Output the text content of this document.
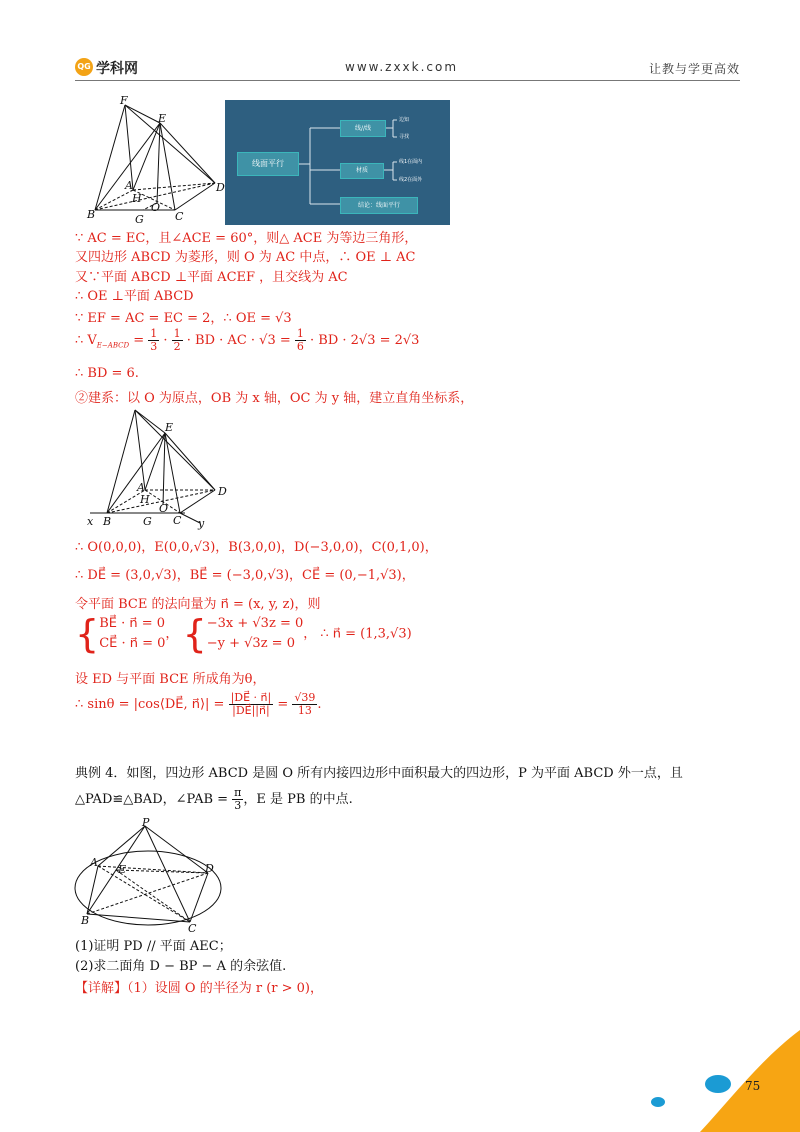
QG 学科网	www.zxxk.com	让教与学更高效
F
E
A
H
O
D
B	G	C
线面平行
线//线
材质
结论：线面平行
边知
寻找
线1在面内
线2在面外
∵ AC = EC，且∠ACE = 60°，则△ ACE 为等边三角形，
又四边形 ABCD 为菱形，则 O 为 AC 中点，∴ OE ⊥ AC
又∵平面 ABCD ⊥平面 ACEF ，且交线为 AC
∴ OE ⊥平面 ABCD
∵ EF = AC = EC = 2，∴ OE = √3
∴ $V_{E-ABCD} = \frac{1}{3} \cdot \frac{1}{2}$ · BD · AC · $√3 = \frac{1}{6}$ · BD · 2√3 = 2√3
∴ BD = 6.
②建系：以 O 为原点，OB 为 x 轴，OC 为 y 轴，建立直角坐标系，
E
A
H
O
D
x B	G C y
∴ O(0,0,0)，E(0,0,√3)，B(3,0,0)，D(−3,0,0)，C(0,1,0)，
∴ DE⃗ = (3,0,√3)，BE⃗ = (−3,0,√3)，CE⃗ = (0,−1,√3)，
令平面 BCE 的法向量为 n⃗ = (x, y, z)，则
{ BE⃗ · n⃗ = 0
CE⃗ · n⃗ = 0
， { −3x + √3z = 0
−y + √3z = 0
， ∴ n⃗ = (1,3,√3)
设 ED 与平面 BCE 所成角为θ，
∴ sinθ = |cos⟨DE⃗, n⃗⟩| = $\frac{|DE⃗ \cdot n⃗|}{|DE⃗||n⃗|} = \frac{√39}{13}$ .
典例 4．如图，四边形 ABCD 是圆 O 所有内接四边形中面积最大的四边形，P 为平面 ABCD 外一点，且
△PAD≌△BAD，∠PAB = $\frac{\pi}{3}$ ，E 是 PB 的中点.
P
A
E	D
B
C
(1)证明 PD // 平面 AEC；
(2)求二面角 D − BP − A 的余弦值.
【详解】（1）设圆 O 的半径为 r (r > 0)，
75
